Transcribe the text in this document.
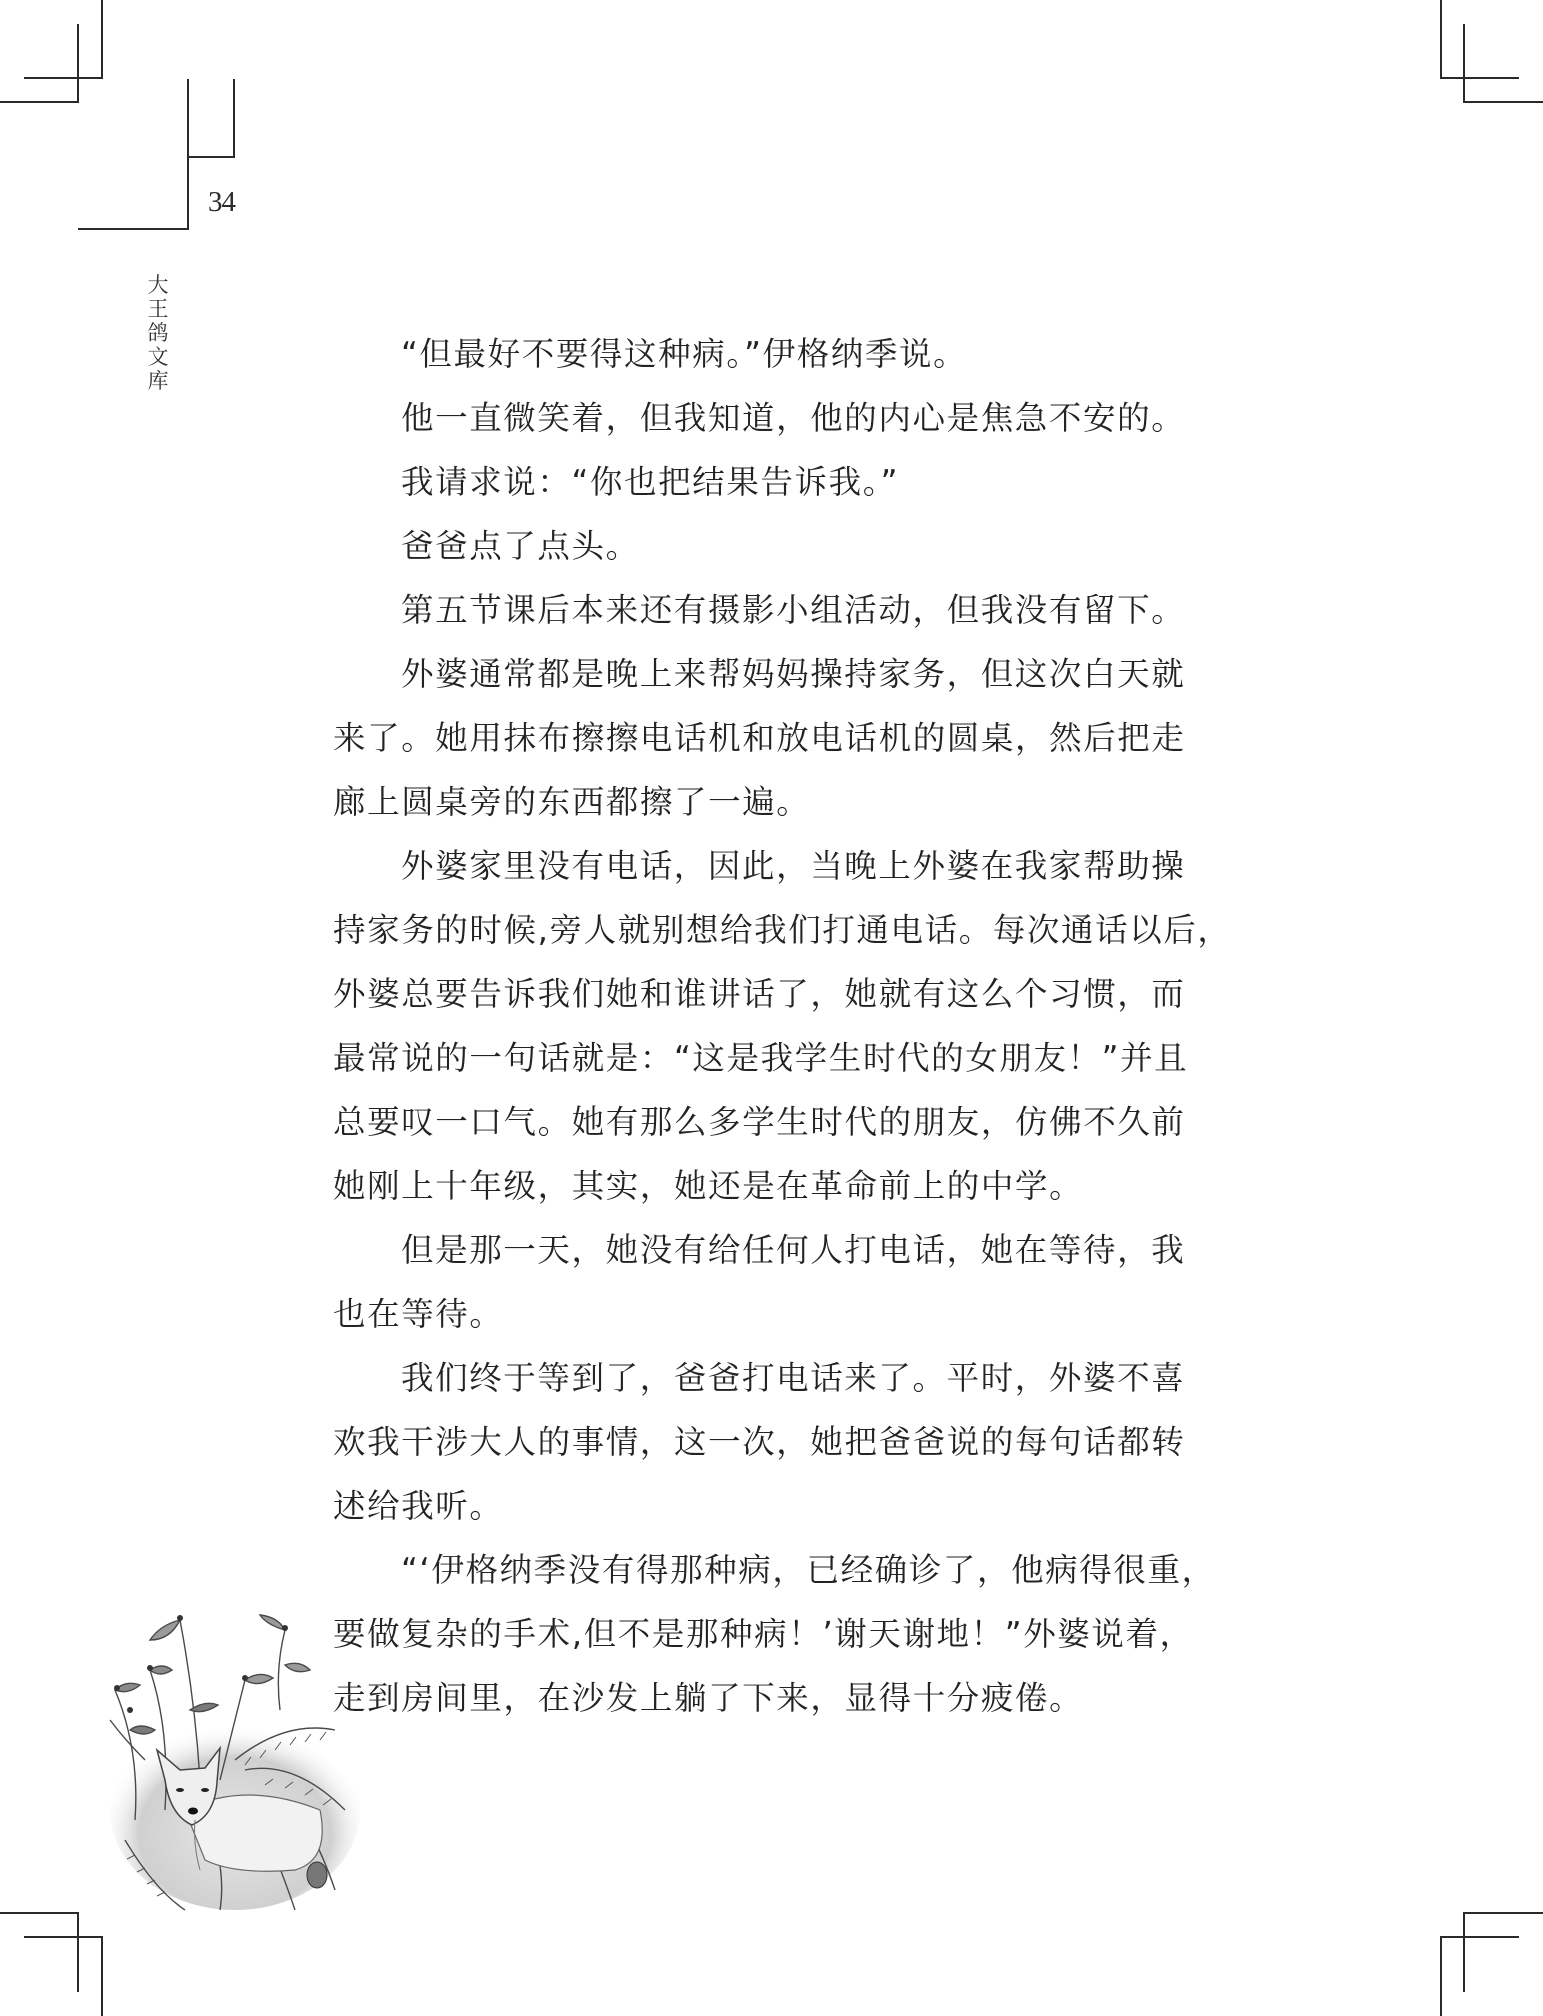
34
大
王
鸽
文
库
“但最好不要得这种病。”伊格纳季说。
他一直微笑着，但我知道，他的内心是焦急不安的。
我请求说：“你也把结果告诉我。”
爸爸点了点头。
第五节课后本来还有摄影小组活动，但我没有留下。
外婆通常都是晚上来帮妈妈操持家务，但这次白天就
来了。她用抹布擦擦电话机和放电话机的圆桌，然后把走
廊上圆桌旁的东西都擦了一遍。
外婆家里没有电话，因此，当晚上外婆在我家帮助操
持家务的时候,旁人就别想给我们打通电话。每次通话以后，
外婆总要告诉我们她和谁讲话了，她就有这么个习惯，而
最常说的一句话就是：“这是我学生时代的女朋友！”并且
总要叹一口气。她有那么多学生时代的朋友，仿佛不久前
她刚上十年级，其实，她还是在革命前上的中学。
但是那一天，她没有给任何人打电话，她在等待，我
也在等待。
我们终于等到了，爸爸打电话来了。平时，外婆不喜
欢我干涉大人的事情，这一次，她把爸爸说的每句话都转
述给我听。
“‘伊格纳季没有得那种病，已经确诊了，他病得很重，
要做复杂的手术,但不是那种病！’谢天谢地！”外婆说着，
走到房间里，在沙发上躺了下来，显得十分疲倦。
